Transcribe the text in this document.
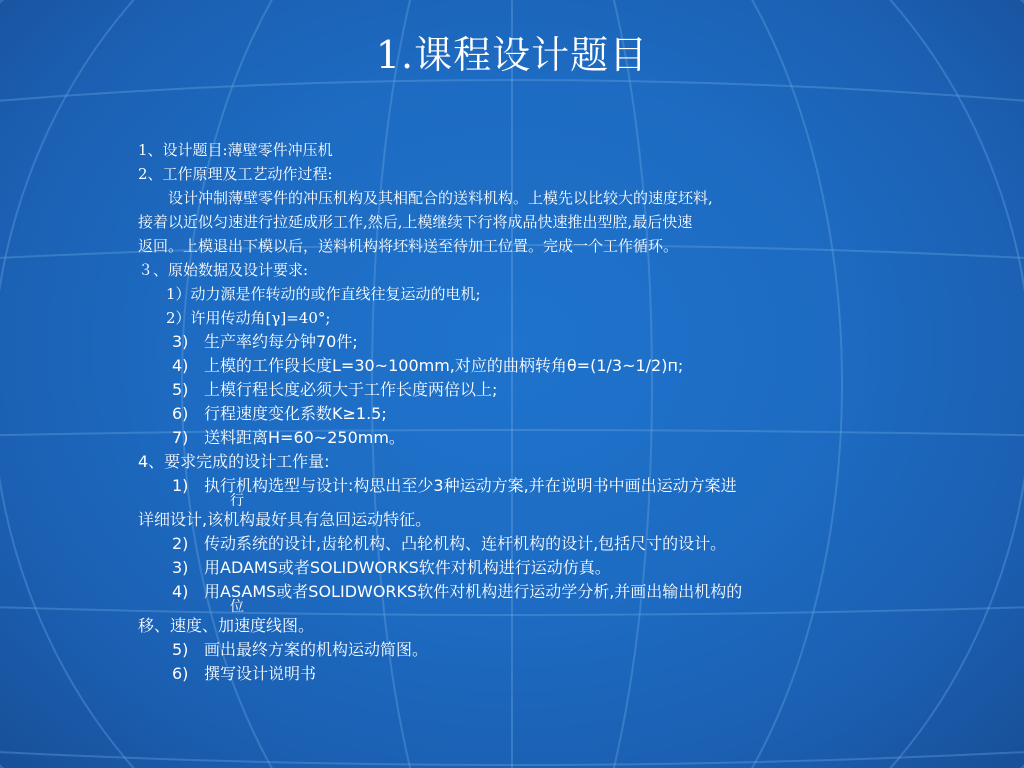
1.课程设计题目
1、设计题目:薄壁零件冲压机
2、工作原理及工艺动作过程:
设计冲制薄壁零件的冲压机构及其相配合的送料机构。上模先以比较大的速度坯料,
接着以近似匀速进行拉延成形工作,然后,上模继续下行将成品快速推出型腔,最后快速
返回。上模退出下模以后，送料机构将坯料送至待加工位置。完成一个工作循环。
３、原始数据及设计要求:
1）动力源是作转动的或作直线往复运动的电机;
2）许用传动角[γ]=40°;
3) 生产率约每分钟70件;
4) 上模的工作段长度L=30~100mm,对应的曲柄转角θ=(1/3~1/2)п;
5) 上模行程长度必须大于工作长度两倍以上;
6) 行程速度变化系数K≥1.5;
7) 送料距离H=60~250mm。
4、要求完成的设计工作量:
1) 执行机构选型与设计:构思出至少3种运动方案,并在说明书中画出运动方案进
行
详细设计,该机构最好具有急回运动特征。
2) 传动系统的设计,齿轮机构、凸轮机构、连杆机构的设计,包括尺寸的设计。
3) 用ADAMS或者SOLIDWORKS软件对机构进行运动仿真。
4) 用ASAMS或者SOLIDWORKS软件对机构进行运动学分析,并画出输出机构的
位
移、速度、加速度线图。
5) 画出最终方案的机构运动简图。
6) 撰写设计说明书
